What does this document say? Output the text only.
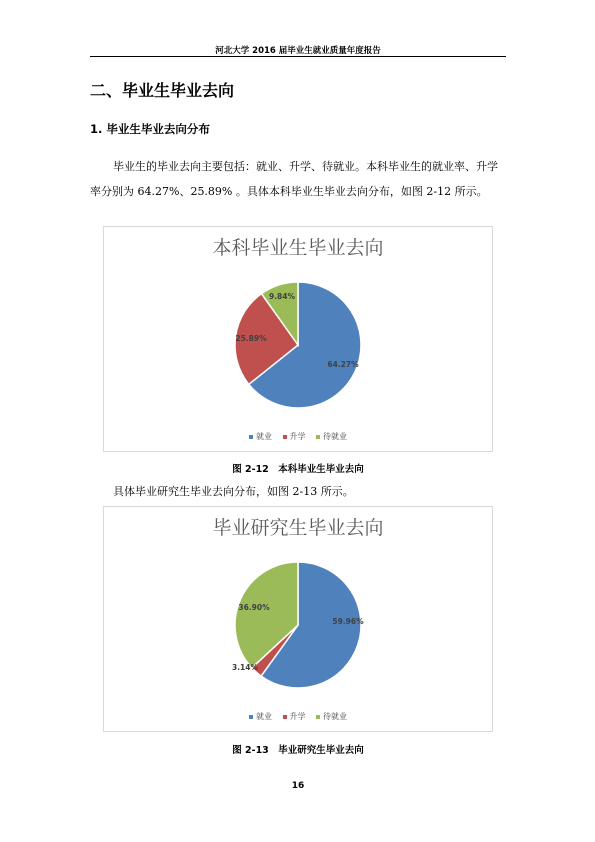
河北大学 2016 届毕业生就业质量年度报告
二、毕业生毕业去向
1. 毕业生毕业去向分布
毕业生的毕业去向主要包括：就业、升学、待就业。本科毕业生的就业率、升学率分别为 64.27%、25.89% 。具体本科毕业生毕业去向分布，如图 2-12 所示。
本科毕业生毕业去向
64.27%
25.89%
9.84%
就业 升学 待就业
图 2-12　本科毕业生毕业去向
具体毕业研究生毕业去向分布，如图 2-13 所示。
毕业研究生毕业去向
59.96%
3.14%
36.90%
就业 升学 待就业
图 2-13　毕业研究生毕业去向
16
